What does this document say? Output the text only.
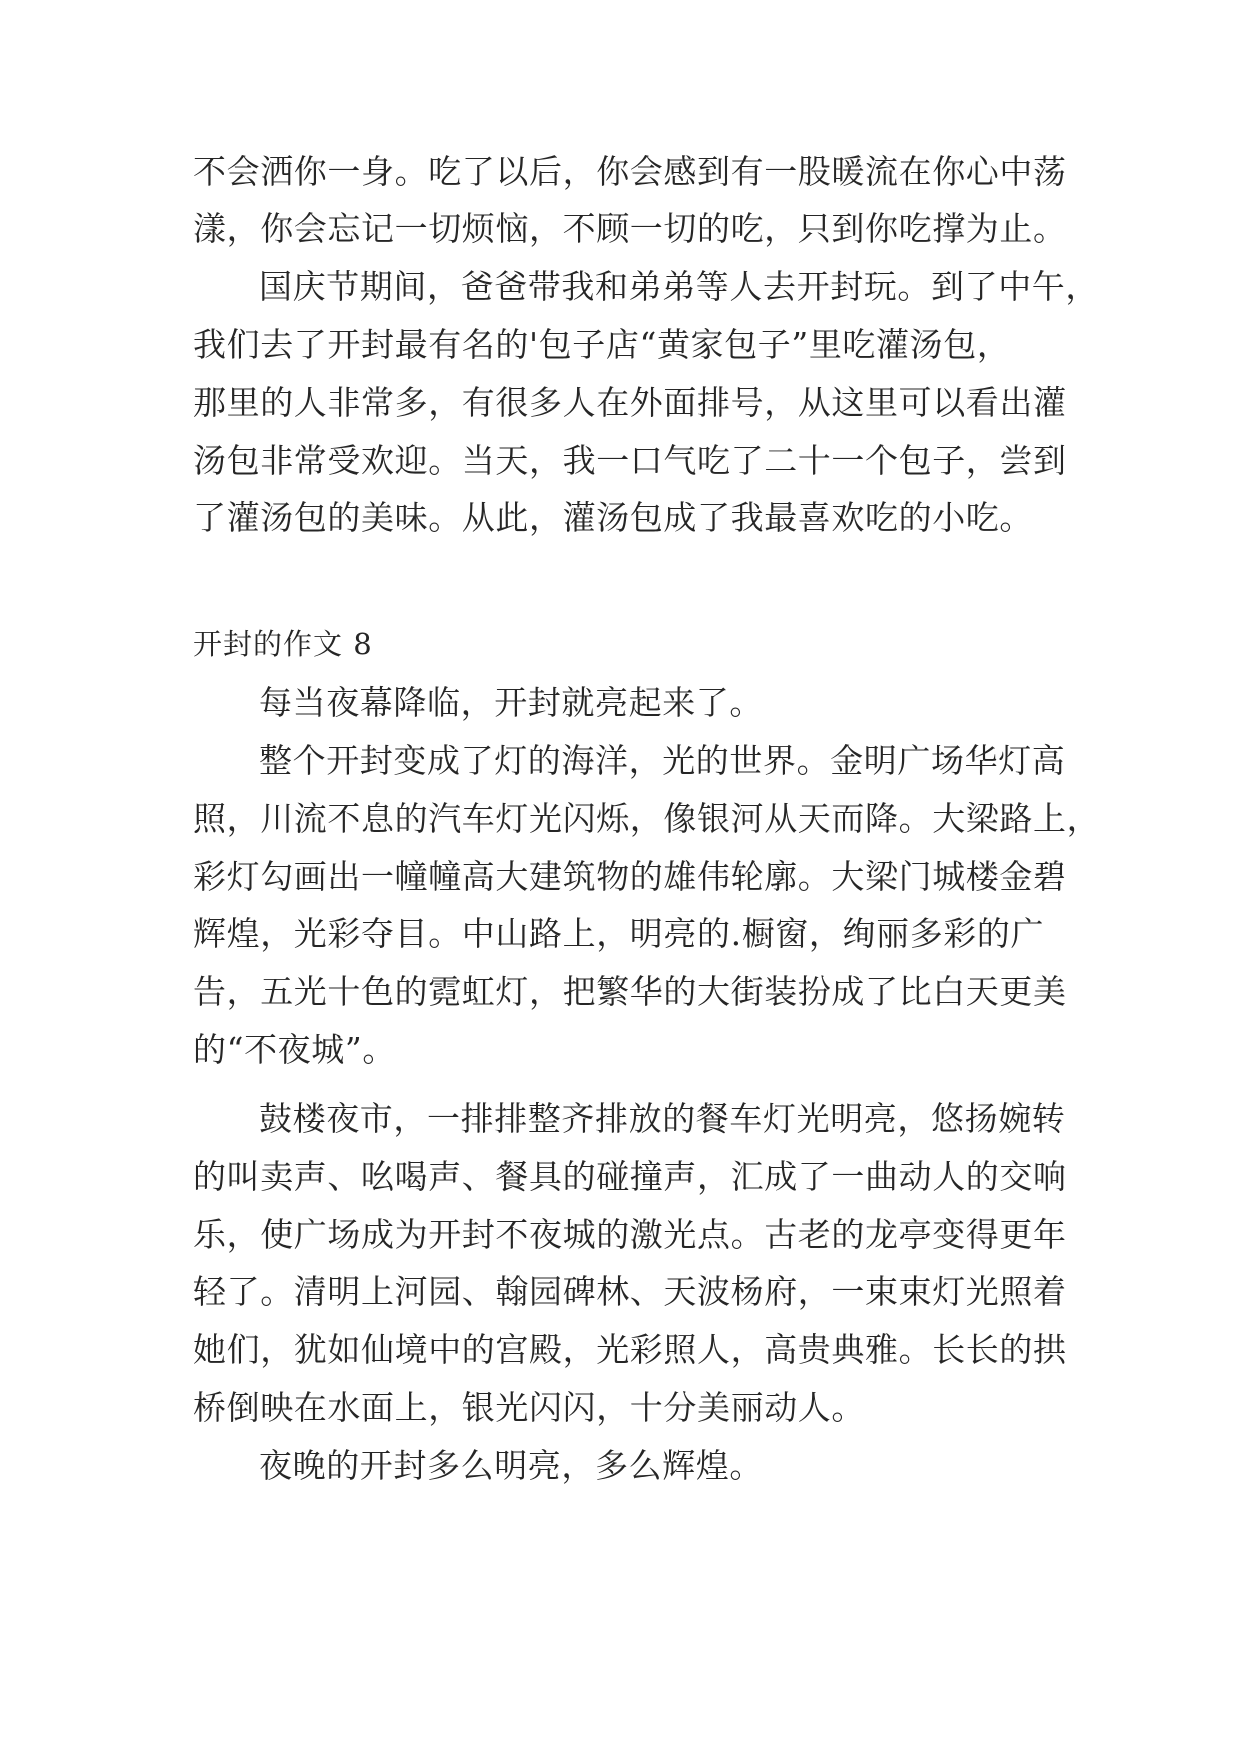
不会洒你一身。吃了以后，你会感到有一股暖流在你心中荡
漾，你会忘记一切烦恼，不顾一切的吃，只到你吃撑为止。
国庆节期间，爸爸带我和弟弟等人去开封玩。到了中午，
我们去了开封最有名的'包子店“黄家包子”里吃灌汤包，
那里的人非常多，有很多人在外面排号，从这里可以看出灌
汤包非常受欢迎。当天，我一口气吃了二十一个包子，尝到
了灌汤包的美味。从此，灌汤包成了我最喜欢吃的小吃。
开封的作文 8
每当夜幕降临，开封就亮起来了。
整个开封变成了灯的海洋，光的世界。金明广场华灯高
照，川流不息的汽车灯光闪烁，像银河从天而降。大梁路上，
彩灯勾画出一幢幢高大建筑物的雄伟轮廓。大梁门城楼金碧
辉煌，光彩夺目。中山路上，明亮的.橱窗，绚丽多彩的广
告，五光十色的霓虹灯，把繁华的大街装扮成了比白天更美
的“不夜城”。
鼓楼夜市，一排排整齐排放的餐车灯光明亮，悠扬婉转
的叫卖声、吆喝声、餐具的碰撞声，汇成了一曲动人的交响
乐，使广场成为开封不夜城的激光点。古老的龙亭变得更年
轻了。清明上河园、翰园碑林、天波杨府，一束束灯光照着
她们，犹如仙境中的宫殿，光彩照人，高贵典雅。长长的拱
桥倒映在水面上，银光闪闪，十分美丽动人。
夜晚的开封多么明亮，多么辉煌。
